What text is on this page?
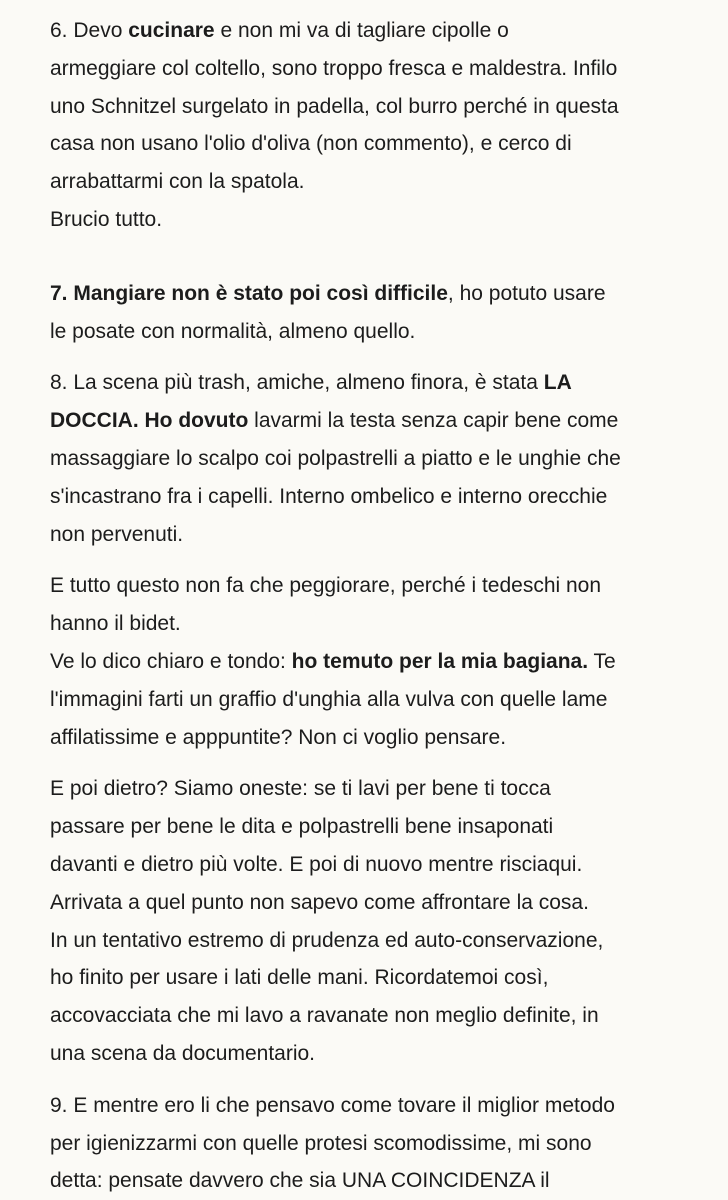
6. Devo cucinare e non mi va di tagliare cipolle o
armeggiare col coltello, sono troppo fresca e maldestra. Infilo
uno Schnitzel surgelato in padella, col burro perché in questa
casa non usano l'olio d'oliva (non commento), e cerco di
arrabattarmi con la spatola.
Brucio tutto.

7. Mangiare non è stato poi così difficile, ho potuto usare
le posate con normalità, almeno quello.

8. La scena più trash, amiche, almeno finora, è stata LA
DOCCIA. Ho dovuto lavarmi la testa senza capir bene come
massaggiare lo scalpo coi polpastrelli a piatto e le unghie che
s'incastrano fra i capelli. Interno ombelico e interno orecchie
non pervenuti.

E tutto questo non fa che peggiorare, perché i tedeschi non
hanno il bidet.
Ve lo dico chiaro e tondo: ho temuto per la mia bagiana. Te
l'immagini farti un graffio d'unghia alla vulva con quelle lame
affilatissime e apppuntite? Non ci voglio pensare.

E poi dietro? Siamo oneste: se ti lavi per bene ti tocca
passare per bene le dita e polpastrelli bene insaponati
davanti e dietro più volte. E poi di nuovo mentre risciaqui.
Arrivata a quel punto non sapevo come affrontare la cosa.
In un tentativo estremo di prudenza ed auto-conservazione,
ho finito per usare i lati delle mani. Ricordatemoi così,
accovacciata che mi lavo a ravanate non meglio definite, in
una scena da documentario.

9. E mentre ero li che pensavo come tovare il miglior metodo
per igienizzarmi con quelle protesi scomodissime, mi sono
detta: pensate davvero che sia UNA COINCIDENZA il
